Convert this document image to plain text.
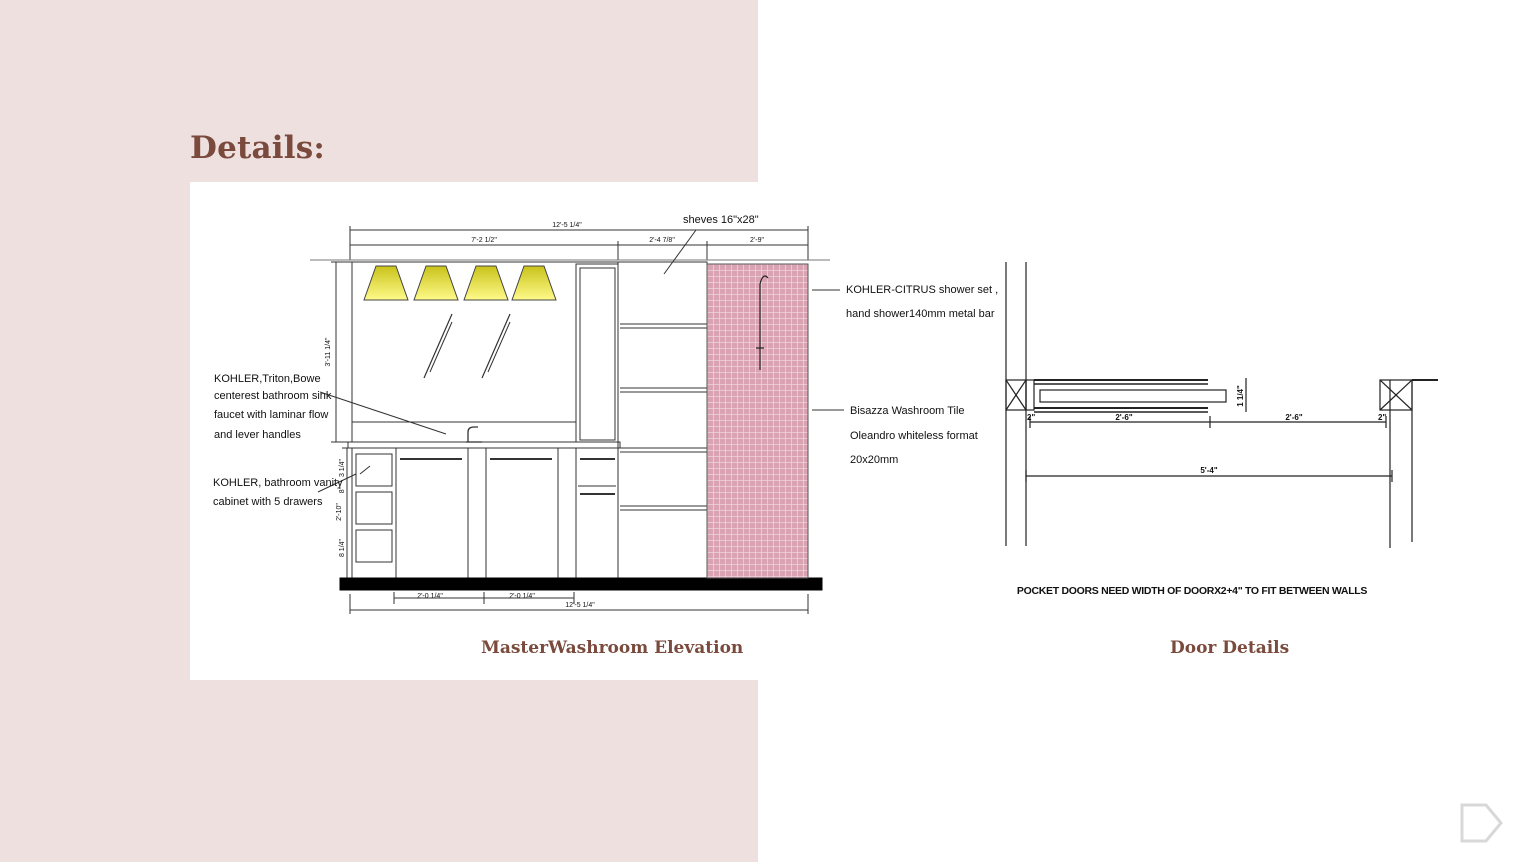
Details:
12'-5 1/4"
7'-2 1/2"	2'-4 7/8"	2'-9"
3'-11 1/4"
2'-10"
3 1/4"
8"
8 1/4"
2'-0 1/4"	2'-0 1/4"
12'-5 1/4"
sheves 16"x28"
KOHLER-CITRUS shower set ,
hand shower140mm metal bar
Bisazza Washroom Tile
Oleandro whiteless format
20x20mm
KOHLER,Triton,Bowe
centerest bathroom sink
faucet with laminar flow
and lever handles
KOHLER, bathroom vanity
cabinet with 5 drawers
2"	2'-6"	2'-6"	2"
1 1/4"
5'-4"
POCKET DOORS NEED WIDTH OF DOORX2+4" TO FIT BETWEEN WALLS
MasterWashroom Elevation	Door Details
